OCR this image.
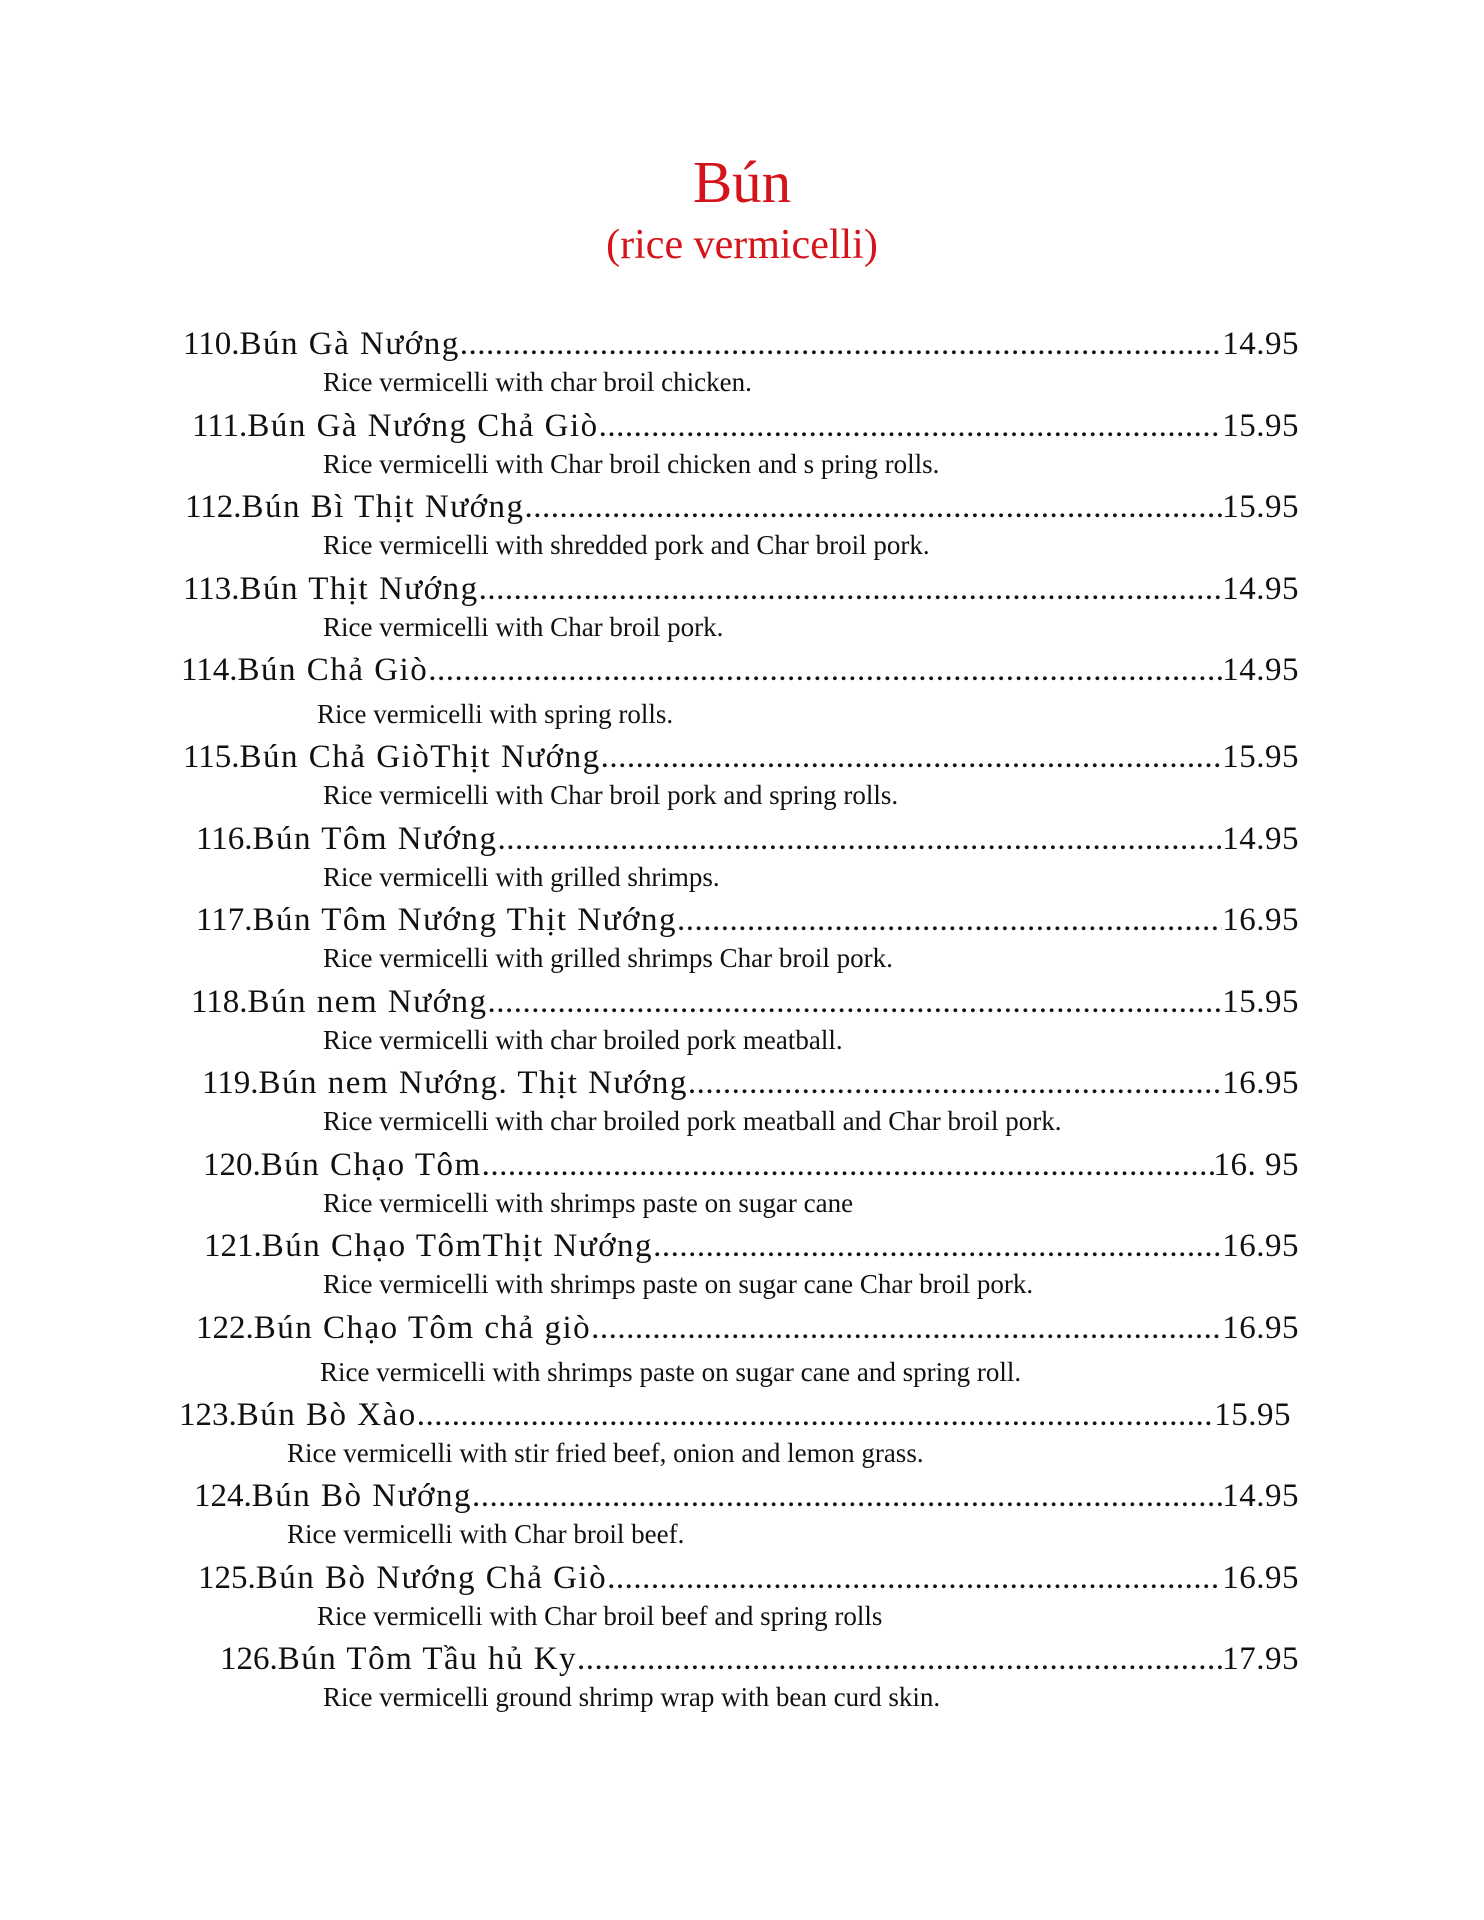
Bún
(rice vermicelli)
110. Bún Gà Nướng .....	14.95
Rice vermicelli with char broil chicken.
111. Bún Gà Nướng Chả Giò .....	15.95
Rice vermicelli with Char broil chicken and s pring rolls.
112. Bún Bì Thịt Nướng .....	15.95
Rice vermicelli with shredded pork and Char broil pork.
113. Bún Thịt Nướng .....	14.95
Rice vermicelli with Char broil pork.
114. Bún Chả Giò .....	14.95
Rice vermicelli with spring rolls.
115. Bún Chả GiòThịt Nướng .....	15.95
Rice vermicelli with Char broil pork and spring rolls.
116. Bún Tôm Nướng .....	14.95
Rice vermicelli with grilled shrimps.
117. Bún Tôm Nướng Thịt Nướng .....	16.95
Rice vermicelli with grilled shrimps Char broil pork.
118. Bún nem Nướng .....	15.95
Rice vermicelli with char broiled pork meatball.
119. Bún nem Nướng. Thịt Nướng .....	16.95
Rice vermicelli with char broiled pork meatball and Char broil pork.
120. Bún Chạo Tôm .....	16. 95
Rice vermicelli with shrimps paste on sugar cane
121. Bún Chạo TômThịt Nướng .....	16.95
Rice vermicelli with shrimps paste on sugar cane Char broil pork.
122. Bún Chạo Tôm chả giò .....	16.95
Rice vermicelli with shrimps paste on sugar cane and spring roll.
123. Bún Bò Xào .....	15.95
Rice vermicelli with stir fried beef, onion and lemon grass.
124. Bún Bò Nướng .....	14.95
Rice vermicelli with Char broil beef.
125. Bún Bò Nướng Chả Giò .....	16.95
Rice vermicelli with Char broil beef and spring rolls
126. Bún Tôm Tầu hủ Ky .....	17.95
Rice vermicelli ground shrimp wrap with bean curd skin.
